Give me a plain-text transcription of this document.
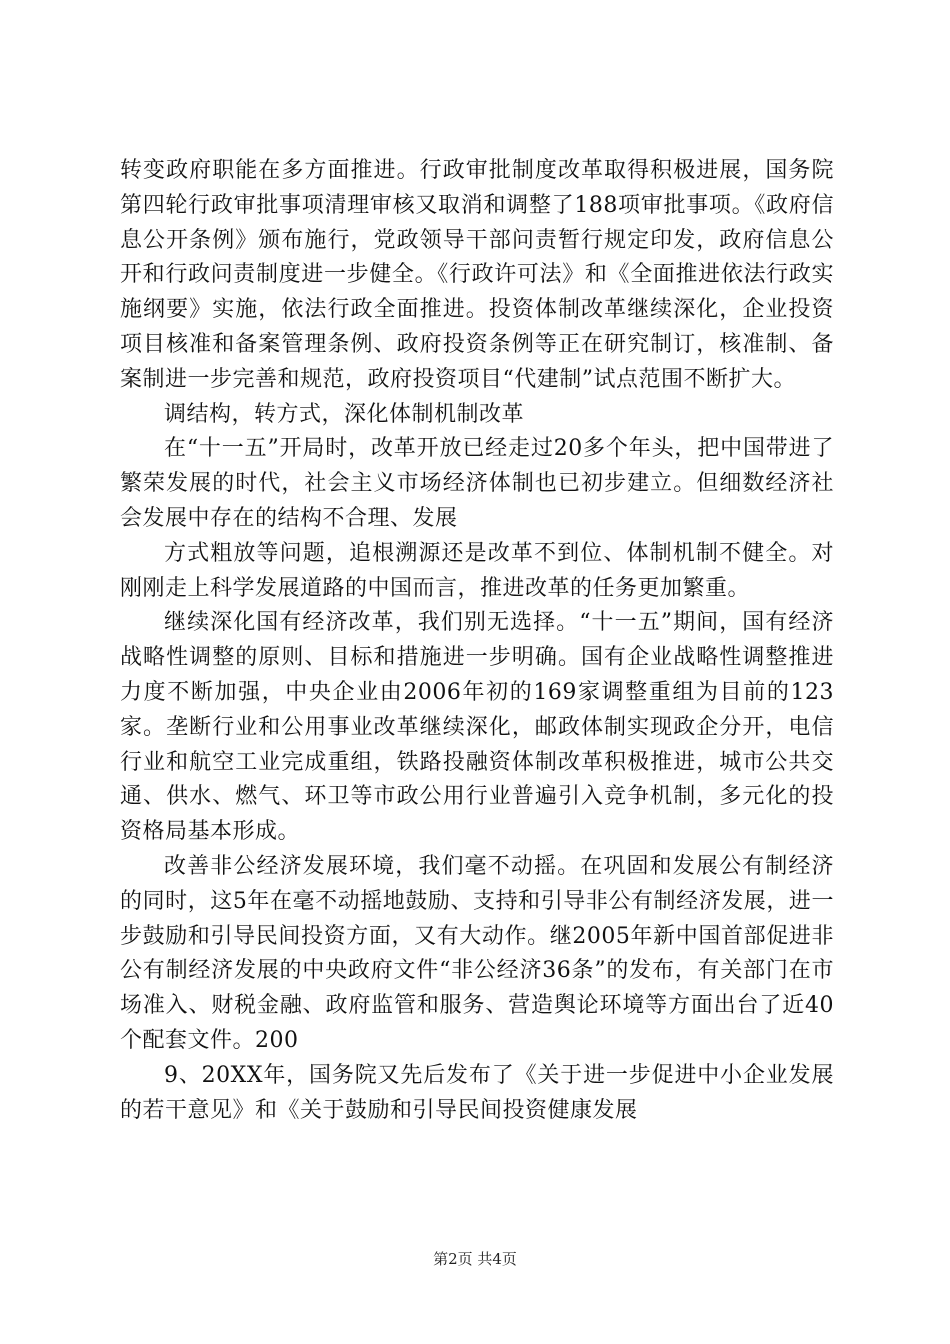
转变政府职能在多方面推进。行政审批制度改革取得积极进展，国务院第四轮行政审批事项清理审核又取消和调整了188项审批事项。《政府信息公开条例》颁布施行，党政领导干部问责暂行规定印发，政府信息公开和行政问责制度进一步健全。《行政许可法》和《全面推进依法行政实施纲要》实施，依法行政全面推进。投资体制改革继续深化，企业投资项目核准和备案管理条例、政府投资条例等正在研究制订，核准制、备案制进一步完善和规范，政府投资项目“代建制”试点范围不断扩大。

调结构，转方式，深化体制机制改革

在“十一五”开局时，改革开放已经走过20多个年头，把中国带进了繁荣发展的时代，社会主义市场经济体制也已初步建立。但细数经济社会发展中存在的结构不合理、发展

方式粗放等问题，追根溯源还是改革不到位、体制机制不健全。对刚刚走上科学发展道路的中国而言，推进改革的任务更加繁重。

继续深化国有经济改革，我们别无选择。“十一五”期间，国有经济战略性调整的原则、目标和措施进一步明确。国有企业战略性调整推进力度不断加强，中央企业由2006年初的169家调整重组为目前的123家。垄断行业和公用事业改革继续深化，邮政体制实现政企分开，电信行业和航空工业完成重组，铁路投融资体制改革积极推进，城市公共交通、供水、燃气、环卫等市政公用行业普遍引入竞争机制，多元化的投资格局基本形成。

改善非公经济发展环境，我们毫不动摇。在巩固和发展公有制经济的同时，这5年在毫不动摇地鼓励、支持和引导非公有制经济发展，进一步鼓励和引导民间投资方面，又有大动作。继2005年新中国首部促进非公有制经济发展的中央政府文件“非公经济36条”的发布，有关部门在市场准入、财税金融、政府监管和服务、营造舆论环境等方面出台了近40个配套文件。200

9、20XX年，国务院又先后发布了《关于进一步促进中小企业发展的若干意见》和《关于鼓励和引导民间投资健康发展

第2页 共4页
